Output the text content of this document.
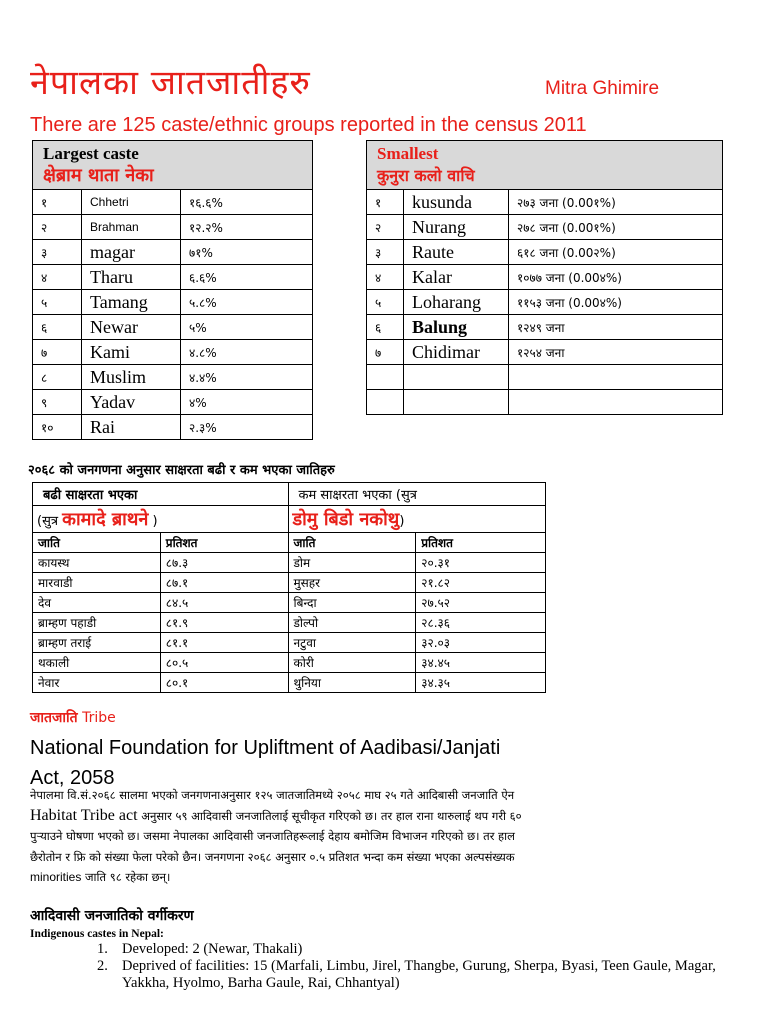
नेपालका जातजातीहरु	Mitra Ghimire
There are 125 caste/ethnic groups reported in the census 2011
Largest caste
क्षेब्राम थाता नेका		

१	Chhetri	१६.६%
२	Brahman	१२.२%
३	magar	७१%
४	Tharu	६.६%
५	Tamang	५.८%
६	Newar	५%
७	Kami	४.८%
८	Muslim	४.४%
९	Yadav	४%
१०	Rai	२.३%
Smallest
कुनुरा कलो वाचि		

१	kusunda	२७३ जना (0.00१%)
२	Nurang	२७८ जना (0.00१%)
३	Raute	६१८ जना (0.00२%)
४	Kalar	१०७७ जना (0.00४%)
५	Loharang	११५३ जना (0.00४%)
६	Balung	१२४९ जना
७	Chidimar	१२५४ जना

२०६८ को जनगणना अनुसार साक्षरता बढी र कम भएका जातिहरु
बढी साक्षरता भएका		कम साक्षरता भएका (सुत्र	
(सुत्र कामादे ब्राथने )		डोमु बिडो नकोथु)	
जाति	प्रतिशत	जाति	प्रतिशत
कायस्थ	८७.३	डोम	२०.३१
मारवाडी	८७.१	मुसहर	२१.८२
देव	८४.५	बिन्दा	२७.५२
ब्राम्हण पहाडी	८१.९	डोल्पो	२८.३६
ब्राम्हण तराई	८१.१	नटुवा	३२.०३
थकाली	८०.५	कोरी	३४.४५
नेवार	८०.१	थुनिया	३४.३५
जातजाति Tribe
National Foundation for Upliftment of Aadibasi/Janjati
Act, 2058
नेपालमा वि.सं.२०६८ सालमा भएको जनगणनाअनुसार १२५ जातजातिमध्ये २०५८ माघ २५ गते आदिबासी जनजाति ऐन
Habitat Tribe act अनुसार ५९ आदिवासी जनजातिलाई सूचीकृत गरिएको छ। तर हाल राना थारुलाई थप गरी ६०
पुऱ्याउने घोषणा भएको छ। जसमा नेपालका आदिवासी जनजातिहरूलाई देहाय बमोजिम विभाजन गरिएको छ। तर हाल
छैरोतोन र फ्रि को संख्या फेला परेको छैन। जनगणना २०६८ अनुसार ०.५ प्रतिशत भन्दा कम संख्या भएका अल्पसंख्यक
minorities जाति ९८ रहेका छन्।
आदिवासी जनजातिको वर्गीकरण
Indigenous castes in Nepal:
1. Developed: 2 (Newar, Thakali)
2. Deprived of facilities: 15 (Marfali, Limbu, Jirel, Thangbe, Gurung, Sherpa, Byasi, Teen Gaule, Magar, Yakkha, Hyolmo, Barha Gaule, Rai, Chhantyal)
